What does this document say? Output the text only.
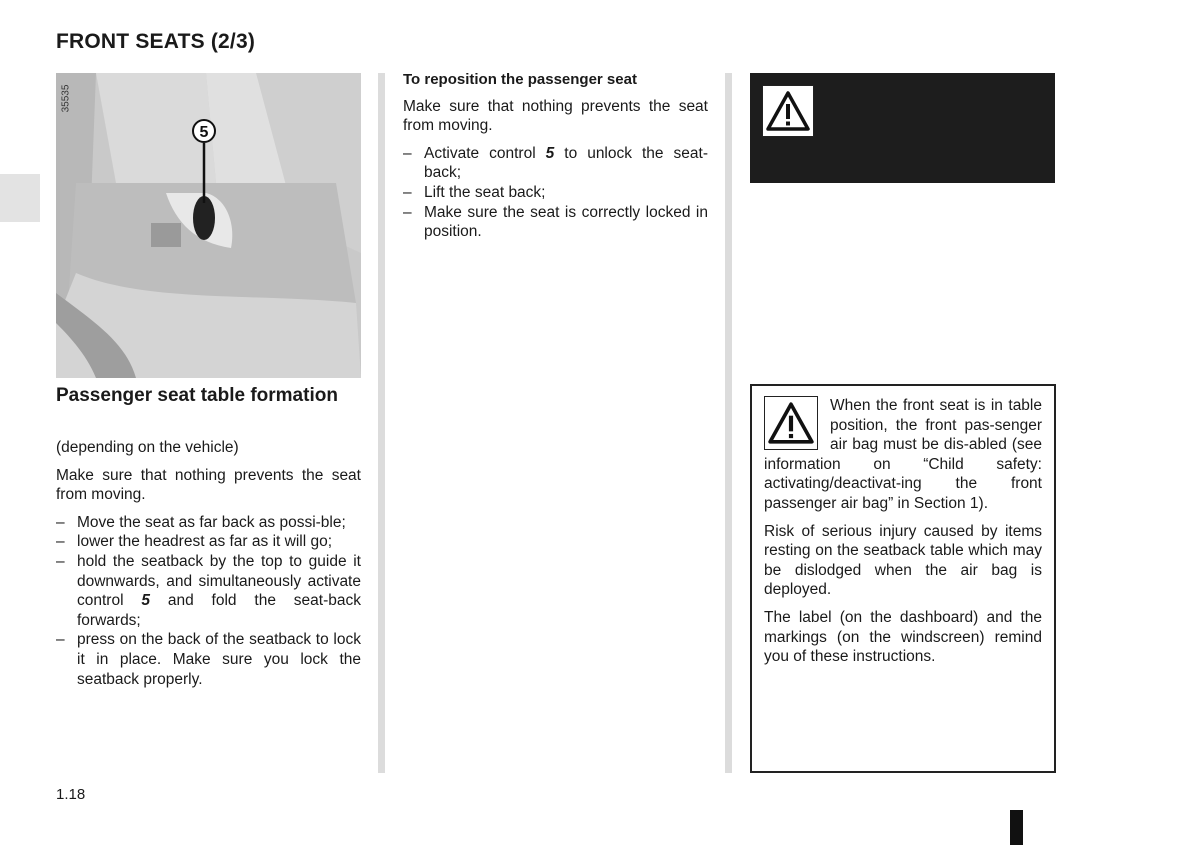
FRONT SEATS (2/3)
5
35535
Passenger seat table formation

(depending on the vehicle)

Make sure that nothing prevents the seat from moving.

– Move the seat as far back as possi-ble;
– lower the headrest as far as it will go;
– hold the seatback by the top to guide it downwards, and simultaneously activate control 5 and fold the seat-back forwards;
– press on the back of the seatback to lock it in place. Make sure you lock the seatback properly.

To reposition the passenger seat

Make sure that nothing prevents the seat from moving.

– Activate control 5 to unlock the seat-back;
– Lift the seat back;
– Make sure the seat is correctly locked in position.

When the front seat is in table position, the front pas-senger air bag must be dis-abled (see information on “Child safety: activating/deactivat-ing the front passenger air bag” in Section 1).

Risk of serious injury caused by items resting on the seatback table which may be dislodged when the air bag is deployed.

The label (on the dashboard) and the markings (on the windscreen) remind you of these instructions.

1.18
